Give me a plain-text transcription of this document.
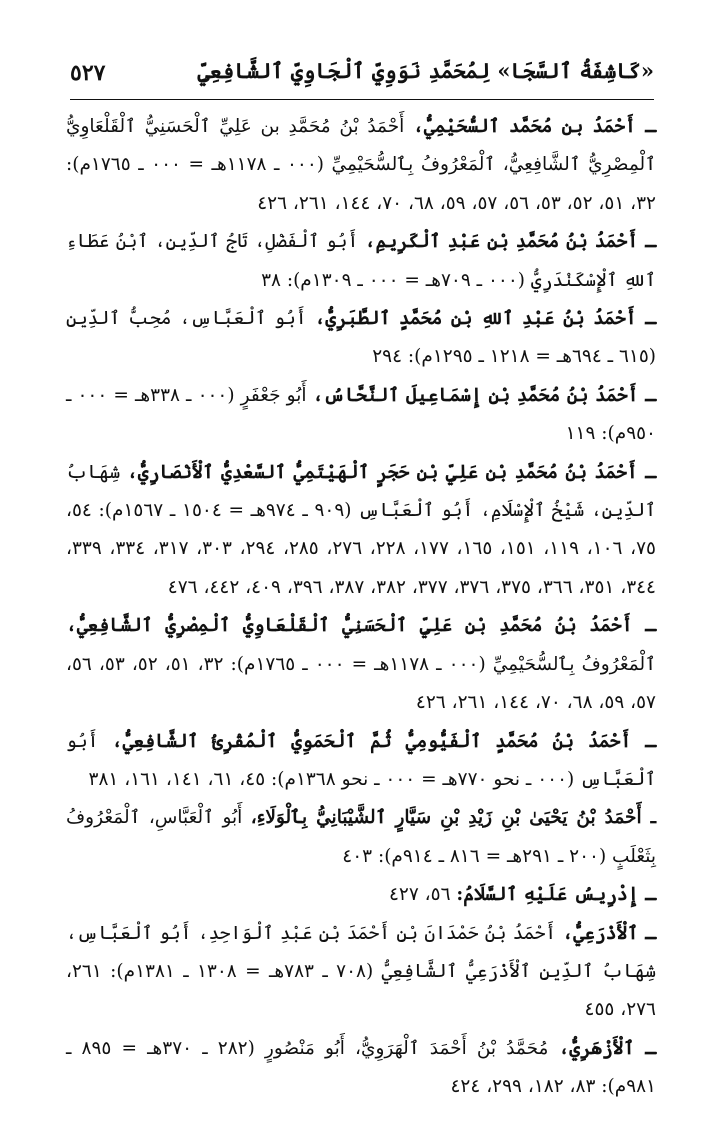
٥٢٧	«كَاشِفَةُ ٱلسَّجَا» لِمُحَمَّدِ نَوَوِيِّ ٱلْجَاوِيِّ ٱلشَّافِعِيِّ

ـ أَحْمَدُ بن مُحَمَّد ٱلسُّحَيْمِيُّ، أَحْمَدُ بْنُ مُحَمَّدِ بن عَلِيِّ ٱلْحَسَنِيُّ ٱلْقَلْعَاوِيُّ ٱلْمِصْرِيُّ ٱلشَّافِعِيُّ، ٱلْمَعْرُوفُ بِٱلسُّحَيْمِيِّ (٠٠٠ ـ ١١٧٨هـ = ٠٠٠ ـ ١٧٦٥م): ٣٢، ٥١، ٥٢، ٥٣، ٥٦، ٥٧، ٥٩، ٦٨، ٧٠، ١٤٤، ٢٦١، ٤٢٦

ـ أَحْمَدُ بْنُ مُحَمَّدِ بْنِ عَبْدِ ٱلْكَرِيمِ، أَبُو ٱلْفَضْلِ، تَاجُ ٱلدِّينِ، ٱبْنُ عَطَاءِ ٱللهِ ٱلْإِسْكَنْدَرِيُّ (٠٠٠ ـ ٧٠٩هـ = ٠٠٠ ـ ١٣٠٩م): ٣٨

ـ أَحْمَدُ بْنُ عَبْدِ ٱللهِ بْنِ مُحَمَّدٍ ٱلطَّبَرِيُّ، أَبُو ٱلْعَبَّاسِ، مُحِبُّ ٱلدِّينِ (٦١٥ ـ ٦٩٤هـ = ١٢١٨ ـ ١٢٩٥م): ٢٩٤

ـ أَحْمَدُ بْنُ مُحَمَّدِ بْنِ إِسْمَاعِيلَ ٱلنَّحَّاسُ، أَبُو جَعْفَرٍ (٠٠٠ ـ ٣٣٨هـ = ٠٠٠ ـ ٩٥٠م): ١١٩

ـ أَحْمَدُ بْنُ مُحَمَّدِ بْنِ عَلِيِّ بْنِ حَجَرٍ ٱلْهَيْتَمِيُّ ٱلسَّعْدِيُّ ٱلْأَنْصَارِيُّ، شِهَابُ ٱلدِّينِ، شَيْخُ ٱلْإِسْلَامِ، أَبُو ٱلْعَبَّاسِ (٩٠٩ ـ ٩٧٤هـ = ١٥٠٤ ـ ١٥٦٧م): ٥٤، ٧٥، ١٠٦، ١١٩، ١٥١، ١٦٥، ١٧٧، ٢٢٨، ٢٧٦، ٢٨٥، ٢٩٤، ٣٠٣، ٣١٧، ٣٣٤، ٣٣٩، ٣٤٤، ٣٥١، ٣٦٦، ٣٧٥، ٣٧٦، ٣٧٧، ٣٨٢، ٣٨٧، ٣٩٦، ٤٠٩، ٤٤٢، ٤٧٦

ـ أَحْمَدُ بْنُ مُحَمَّدِ بْنِ عَلِيِّ ٱلْحَسَنِيُّ ٱلْقَلْعَاوِيُّ ٱلْمِصْرِيُّ ٱلشَّافِعِيُّ، ٱلْمَعْرُوفُ بِٱلسُّحَيْمِيِّ (٠٠٠ ـ ١١٧٨هـ = ٠٠٠ ـ ١٧٦٥م): ٣٢، ٥١، ٥٢، ٥٣، ٥٦، ٥٧، ٥٩، ٦٨، ٧٠، ١٤٤، ٢٦١، ٤٢٦

ـ أَحْمَدُ بْنُ مُحَمَّدٍ ٱلْفَيُّومِيُّ ثُمَّ ٱلْحَمَوِيُّ ٱلْمُقْرِئُ ٱلشَّافِعِيُّ، أَبُو ٱلْعَبَّاسِ (٠٠٠ ـ نحو ٧٧٠هـ = ٠٠٠ ـ نحو ١٣٦٨م): ٤٥، ٦١، ١٤١، ١٦١، ٣٨١

ـ أَحْمَدُ بْنُ يَحْيَىٰ بْنِ زَيْدِ بْنِ سَيَّارٍ ٱلشَّيْبَانِيُّ بِٱلْوَلَاءِ، أَبُو ٱلْعَبَّاسِ، ٱلْمَعْرُوفُ بِثَعْلَبٍ (٢٠٠ ـ ٢٩١هـ = ٨١٦ ـ ٩١٤م): ٤٠٣

ـ إِدْرِيسُ عَلَيْهِ ٱلسَّلَامُ: ٥٦، ٤٢٧

ـ ٱلْأَذْرَعِيُّ، أَحْمَدُ بْنُ حَمْدَانَ بْنِ أَحْمَدَ بْنِ عَبْدِ ٱلْوَاحِدِ، أَبُو ٱلْعَبَّاسِ، شِهَابُ ٱلدِّينِ ٱلْأَذْرَعِيُّ ٱلشَّافِعِيُّ (٧٠٨ ـ ٧٨٣هـ = ١٣٠٨ ـ ١٣٨١م): ٢٦١، ٢٧٦، ٤٥٥

ـ ٱلْأَزْهَرِيُّ، مُحَمَّدُ بْنُ أَحْمَدَ ٱلْهَرَوِيُّ، أَبُو مَنْصُورٍ (٢٨٢ ـ ٣٧٠هـ = ٨٩٥ ـ ٩٨١م): ٨٣، ١٨٢، ٢٩٩، ٤٢٤
